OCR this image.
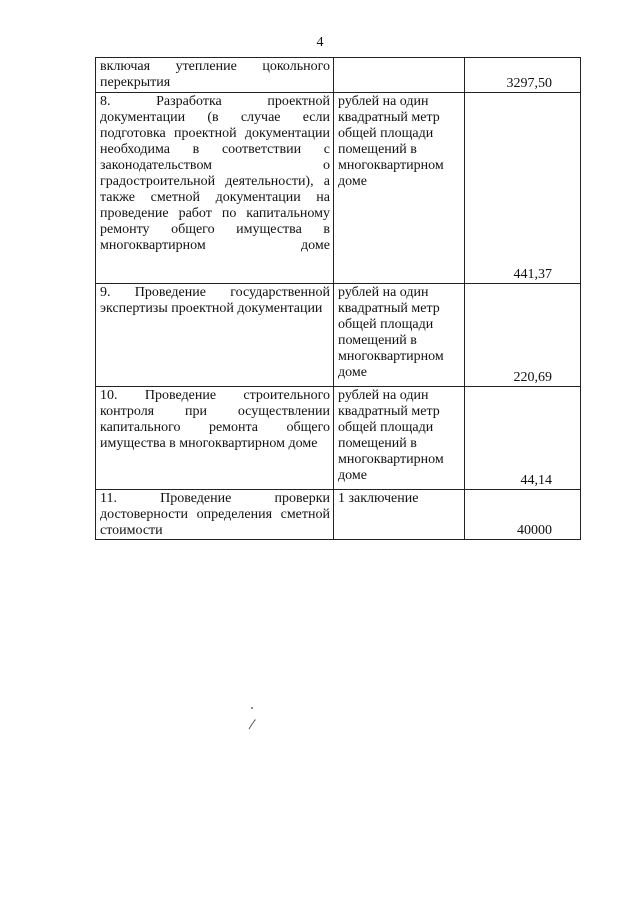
4
включая утепление цокольного перекрытия		3297,50
8. Разработка проектной документации (в случае если подготовка проектной документации необходима в соответствии с законодательством о градостроительной деятельности), а также сметной документации на проведение работ по капитальному ремонту общего имущества в многоквартирном доме	рублей на один квадратный метр общей площади помещений в многоквартирном доме	441,37
9. Проведение государственной экспертизы проектной документации	рублей на один квадратный метр общей площади помещений в многоквартирном доме	220,69
10. Проведение строительного контроля при осуществлении капитального ремонта общего имущества в многоквартирном доме	рублей на один квадратный метр общей площади помещений в многоквартирном доме	44,14
11. Проведение проверки достоверности определения сметной стоимости	1 заключение	40000
